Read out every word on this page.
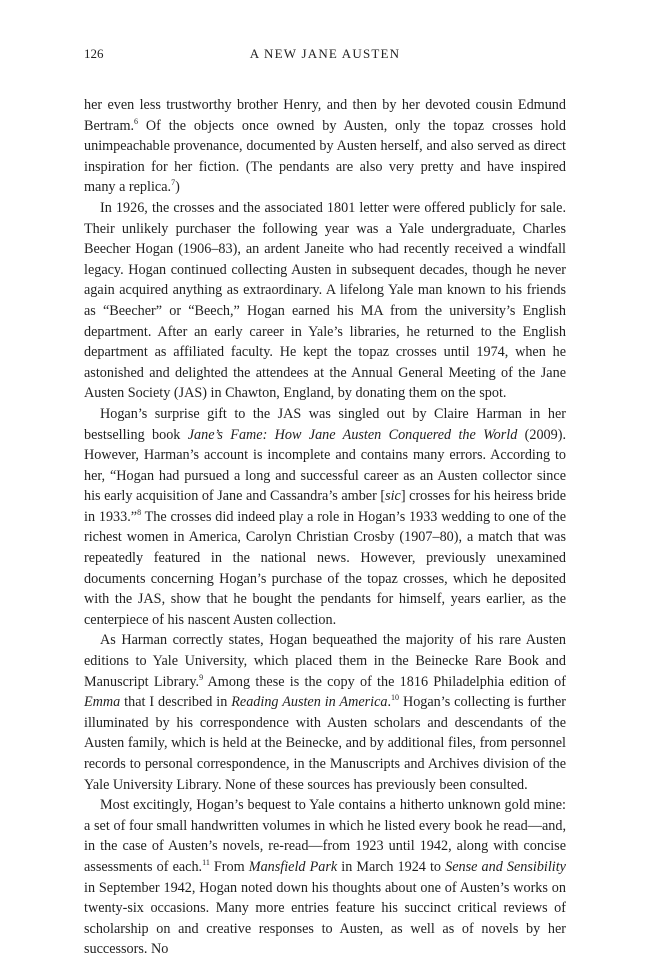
126	A NEW JANE AUSTEN

her even less trustworthy brother Henry, and then by her devoted cousin Edmund Bertram.$^6$ Of the objects once owned by Austen, only the topaz crosses hold unimpeachable provenance, documented by Austen herself, and also served as direct inspiration for her fiction. (The pendants are also very pretty and have inspired many a replica.$^7$)

In 1926, the crosses and the associated 1801 letter were offered publicly for sale. Their unlikely purchaser the following year was a Yale undergraduate, Charles Beecher Hogan (1906–83), an ardent Janeite who had recently received a windfall legacy. Hogan continued collecting Austen in subsequent decades, though he never again acquired anything as extraordinary. A lifelong Yale man known to his friends as “Beecher” or “Beech,” Hogan earned his MA from the university’s English department. After an early career in Yale’s libraries, he returned to the English department as affiliated faculty. He kept the topaz crosses until 1974, when he astonished and delighted the attendees at the Annual General Meeting of the Jane Austen Society (JAS) in Chawton, England, by donating them on the spot.

Hogan’s surprise gift to the JAS was singled out by Claire Harman in her bestselling book Jane’s Fame: How Jane Austen Conquered the World (2009). However, Harman’s account is incomplete and contains many errors. According to her, “Hogan had pursued a long and successful career as an Austen collector since his early acquisition of Jane and Cassandra’s amber [sic] crosses for his heiress bride in 1933.”$^8$ The crosses did indeed play a role in Hogan’s 1933 wedding to one of the richest women in America, Carolyn Christian Crosby (1907–80), a match that was repeatedly featured in the national news. However, previously unexamined documents concerning Hogan’s purchase of the topaz crosses, which he deposited with the JAS, show that he bought the pendants for himself, years earlier, as the centerpiece of his nascent Austen collection.

As Harman correctly states, Hogan bequeathed the majority of his rare Austen editions to Yale University, which placed them in the Beinecke Rare Book and Manuscript Library.$^9$ Among these is the copy of the 1816 Philadelphia edition of Emma that I described in Reading Austen in America.$^{10}$ Hogan’s collecting is further illuminated by his correspondence with Austen scholars and descendants of the Austen family, which is held at the Beinecke, and by additional files, from personnel records to personal correspondence, in the Manuscripts and Archives division of the Yale University Library. None of these sources has previously been consulted.

Most excitingly, Hogan’s bequest to Yale contains a hitherto unknown gold mine: a set of four small handwritten volumes in which he listed every book he read—and, in the case of Austen’s novels, re-read—from 1923 until 1942, along with concise assessments of each.$^{11}$ From Mansfield Park in March 1924 to Sense and Sensibility in September 1942, Hogan noted down his thoughts about one of Austen’s works on twenty-six occasions. Many more entries feature his succinct critical reviews of scholarship on and creative responses to Austen, as well as of novels by her successors. No
